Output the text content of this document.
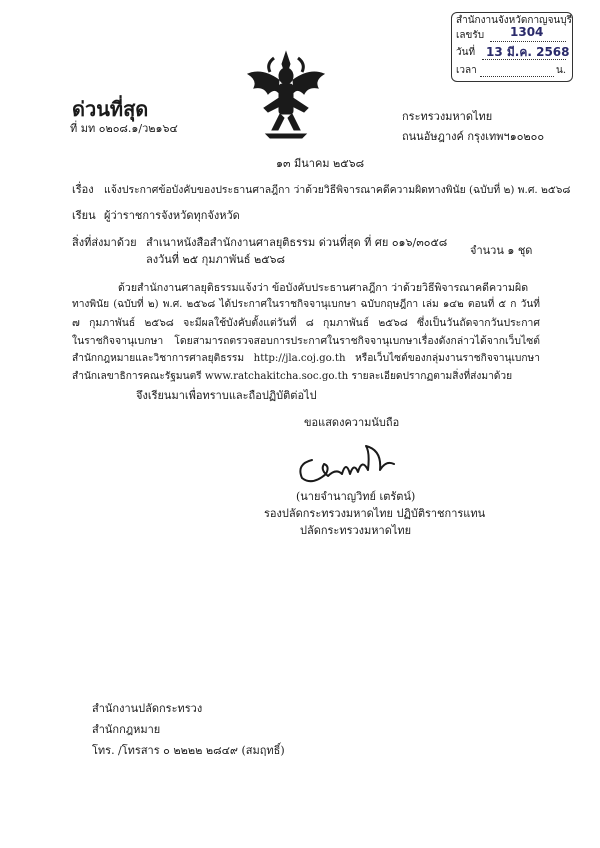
สำนักงานจังหวัดกาญจนบุรี
เลขรับ 1304
วันที่ 13 มี.ค. 2568
เวลา	น.
ด่วนที่สุด
ที่ มท ๐๒๐๘.๑/ว๒๑๖๔
กระทรวงมหาดไทย
ถนนอัษฎางค์ กรุงเทพฯ๑๐๒๐๐
๑๓ มีนาคม ๒๕๖๘
เรื่อง แจ้งประกาศข้อบังคับของประธานศาลฎีกา ว่าด้วยวิธีพิจารณาคดีความผิดทางพินัย (ฉบับที่ ๒) พ.ศ. ๒๕๖๘
เรียน ผู้ว่าราชการจังหวัดทุกจังหวัด
สิ่งที่ส่งมาด้วย สำเนาหนังสือสำนักงานศาลยุติธรรม ด่วนที่สุด ที่ ศย ๐๑๖/๓๐๕๘
จำนวน ๑ ชุด
ลงวันที่ ๒๕ กุมภาพันธ์ ๒๕๖๘
ด้วยสำนักงานศาลยุติธรรมแจ้งว่า ข้อบังคับประธานศาลฎีกา ว่าด้วยวิธีพิจารณาคดีความผิด
ทางพินัย (ฉบับที่ ๒) พ.ศ. ๒๕๖๘ ได้ประกาศในราชกิจจานุเบกษา ฉบับกฤษฎีกา เล่ม ๑๔๒ ตอนที่ ๕ ก วันที่
๗ กุมภาพันธ์ ๒๕๖๘ จะมีผลใช้บังคับตั้งแต่วันที่ ๘ กุมภาพันธ์ ๒๕๖๘ ซึ่งเป็นวันถัดจากวันประกาศ
ในราชกิจจานุเบกษา โดยสามารถตรวจสอบการประกาศในราชกิจจานุเบกษาเรื่องดังกล่าวได้จากเว็บไซต์
สำนักกฎหมายและวิชาการศาลยุติธรรม http://jla.coj.go.th หรือเว็บไซต์ของกลุ่มงานราชกิจจานุเบกษา
สำนักเลขาธิการคณะรัฐมนตรี www.ratchakitcha.soc.go.th รายละเอียดปรากฏตามสิ่งที่ส่งมาด้วย
จึงเรียนมาเพื่อทราบและถือปฏิบัติต่อไป
ขอแสดงความนับถือ
(นายจำนาญวิทย์ เตรัตน์)
รองปลัดกระทรวงมหาดไทย ปฏิบัติราชการแทน
ปลัดกระทรวงมหาดไทย
สำนักงานปลัดกระทรวง
สำนักกฎหมาย
โทร. /โทรสาร ๐ ๒๒๒๒ ๒๘๔๙ (สมฤทธิ์)
